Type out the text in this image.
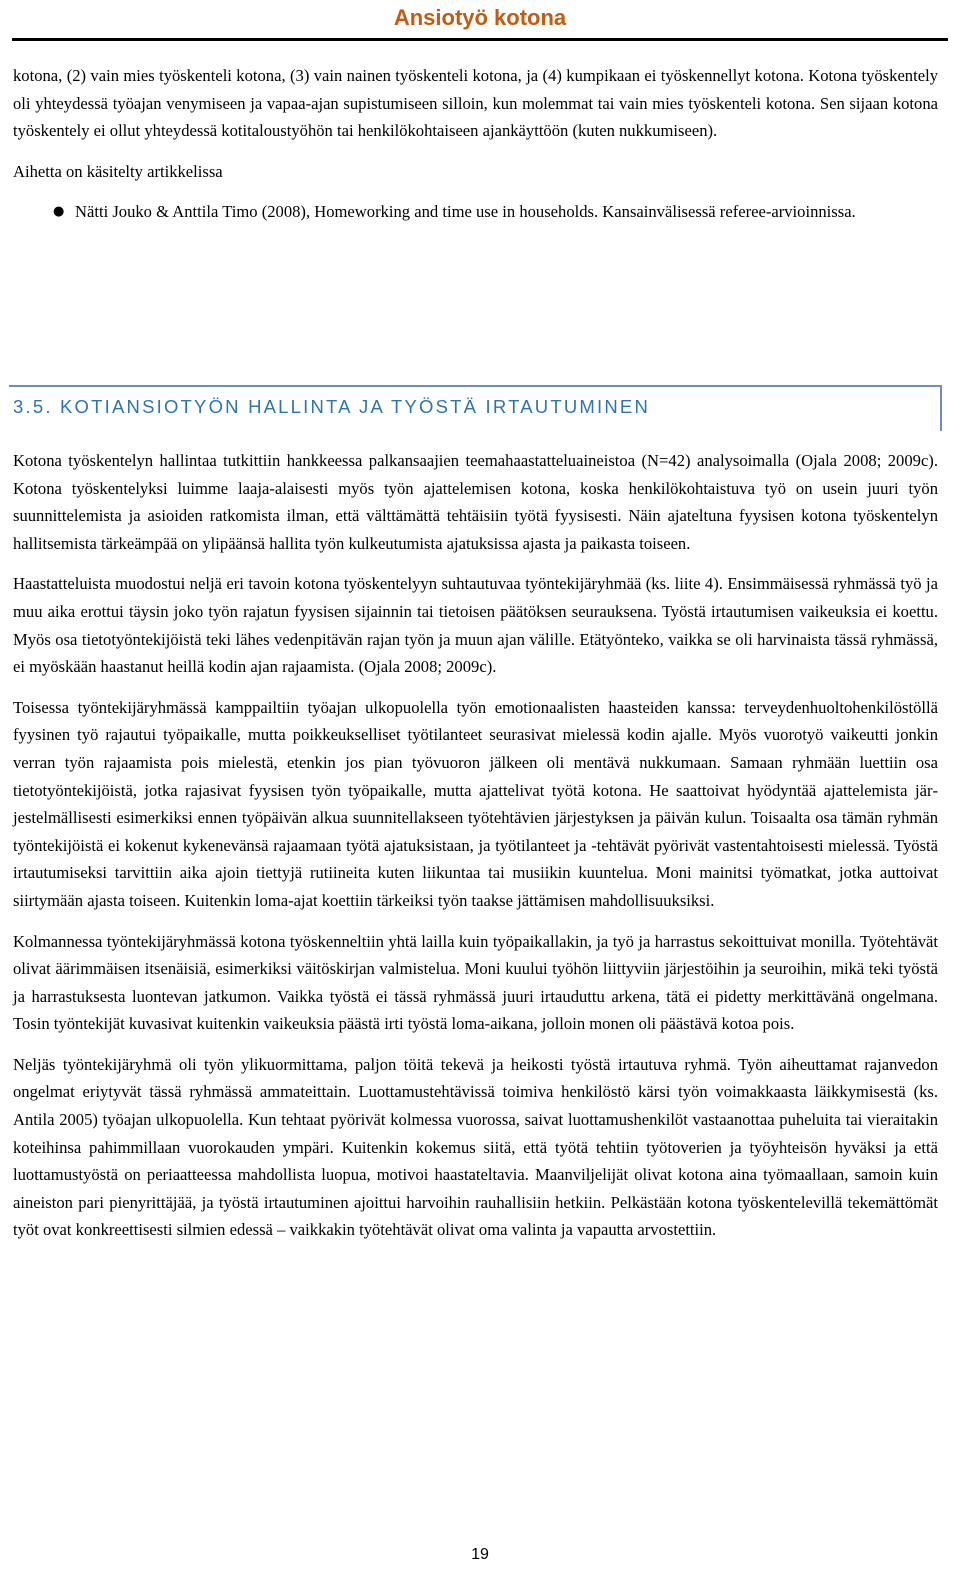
Ansiotyö kotona

kotona, (2) vain mies työskenteli kotona, (3) vain nainen työskenteli kotona, ja (4) kumpikaan ei työskennellyt kotona. Kotona työskentely oli yhteydessä työajan venymiseen ja vapaa-ajan supistumiseen silloin, kun molemmat tai vain mies työskenteli kotona. Sen sijaan kotona työskentely ei ollut yhteydessä kotitaloustyöhön tai henkilökohtaiseen ajankäyttöön (kuten nukkumiseen).

Aihetta on käsitelty artikkelissa

● Nätti Jouko & Anttila Timo (2008), Homeworking and time use in households. Kansainvälisessä referee-arvioinnissa.
3.5. KOTIANSIOTYÖN HALLINTA JA TYÖSTÄ IRTAUTUMINEN

Kotona työskentelyn hallintaa tutkittiin hankkeessa palkansaajien teemahaastatteluaineistoa (N=42) analysoimalla (Ojala 2008; 2009c). Kotona työskentelyksi luimme laaja-alaisesti myös työn ajattelemisen kotona, koska henkilökohtaistuva työ on usein juuri työn suunnittelemista ja asioiden ratkomista ilman, että välttämättä tehtäisiin työtä fyysisesti. Näin ajateltuna fyysisen kotona työskentelyn hallitsemista tärkeämpää on ylipäänsä hallita työn kulkeutumista ajatuksissa ajasta ja paikasta toiseen.

Haastatteluista muodostui neljä eri tavoin kotona työskentelyyn suhtautuvaa työntekijäryhmää (ks. liite 4). Ensimmäisessä ryhmässä työ ja muu aika erottui täysin joko työn rajatun fyysisen sijainnin tai tietoisen päätöksen seurauksena. Työstä irtautumisen vaikeuksia ei koettu. Myös osa tietotyöntekijöistä teki lähes vedenpitävän rajan työn ja muun ajan välille. Etätyönteko, vaikka se oli harvinaista tässä ryhmässä, ei myöskään haastanut heillä kodin ajan rajaamista. (Ojala 2008; 2009c).

Toisessa työntekijäryhmässä kamppailtiin työajan ulkopuolella työn emotionaalisten haasteiden kanssa: terveydenhuoltohenkilöstöllä fyysinen työ rajautui työpaikalle, mutta poikkeukselliset työtilanteet seurasivat mielessä kodin ajalle. Myös vuorotyö vaikeutti jonkin verran työn rajaamista pois mielestä, etenkin jos pian työvuoron jälkeen oli mentävä nukkumaan. Samaan ryhmään luettiin osa tietotyöntekijöistä, jotka rajasivat fyysisen työn työpaikalle, mutta ajattelivat työtä kotona. He saattoivat hyödyntää ajattelemista järjestelmällisesti esimerkiksi ennen työpäivän alkua suunnitellakseen työtehtävien järjestyksen ja päivän kulun. Toisaalta osa tämän ryhmän työntekijöistä ei kokenut kykenevänsä rajaamaan työtä ajatuksistaan, ja työtilanteet ja -tehtävät pyörivät vastentahtoisesti mielessä. Työstä irtautumiseksi tarvittiin aika ajoin tiettyjä rutiineita kuten liikuntaa tai musiikin kuuntelua. Moni mainitsi työmatkat, jotka auttoivat siirtymään ajasta toiseen. Kuitenkin loma-ajat koettiin tärkeiksi työn taakse jättämisen mahdollisuuksiksi.

Kolmannessa työntekijäryhmässä kotona työskenneltiin yhtä lailla kuin työpaikallakin, ja työ ja harrastus sekoittuivat monilla. Työtehtävät olivat äärimmäisen itsenäisiä, esimerkiksi väitöskirjan valmistelua. Moni kuului työhön liittyviin järjestöihin ja seuroihin, mikä teki työstä ja harrastuksesta luontevan jatkumon. Vaikka työstä ei tässä ryhmässä juuri irtauduttu arkena, tätä ei pidetty merkittävänä ongelmana. Tosin työntekijät kuvasivat kuitenkin vaikeuksia päästä irti työstä loma-aikana, jolloin monen oli päästävä kotoa pois.

Neljäs työntekijäryhmä oli työn ylikuormittama, paljon töitä tekevä ja heikosti työstä irtautuva ryhmä. Työn aiheuttamat rajanvedon ongelmat eriytyvät tässä ryhmässä ammateittain. Luottamustehtävissä toimiva henkilöstö kärsi työn voimakkaasta läikkymisestä (ks. Antila 2005) työajan ulkopuolella. Kun tehtaat pyörivät kolmessa vuorossa, saivat luottamushenkilöt vastaanottaa puheluita tai vieraitakin koteihinsa pahimmillaan vuorokauden ympäri. Kuitenkin kokemus siitä, että työtä tehtiin työtoverien ja työyhteisön hyväksi ja että luottamustyöstä on periaatteessa mahdollista luopua, motivoi haastateltavia. Maanviljelijät olivat kotona aina työmaallaan, samoin kuin aineiston pari pienyrittäjää, ja työstä irtautuminen ajoittui harvoihin rauhallisiin hetkiin. Pelkästään kotona työskentelevillä tekemättömät työt ovat konkreettisesti silmien edessä – vaikkakin työtehtävät olivat oma valinta ja vapautta arvostettiin.

19
